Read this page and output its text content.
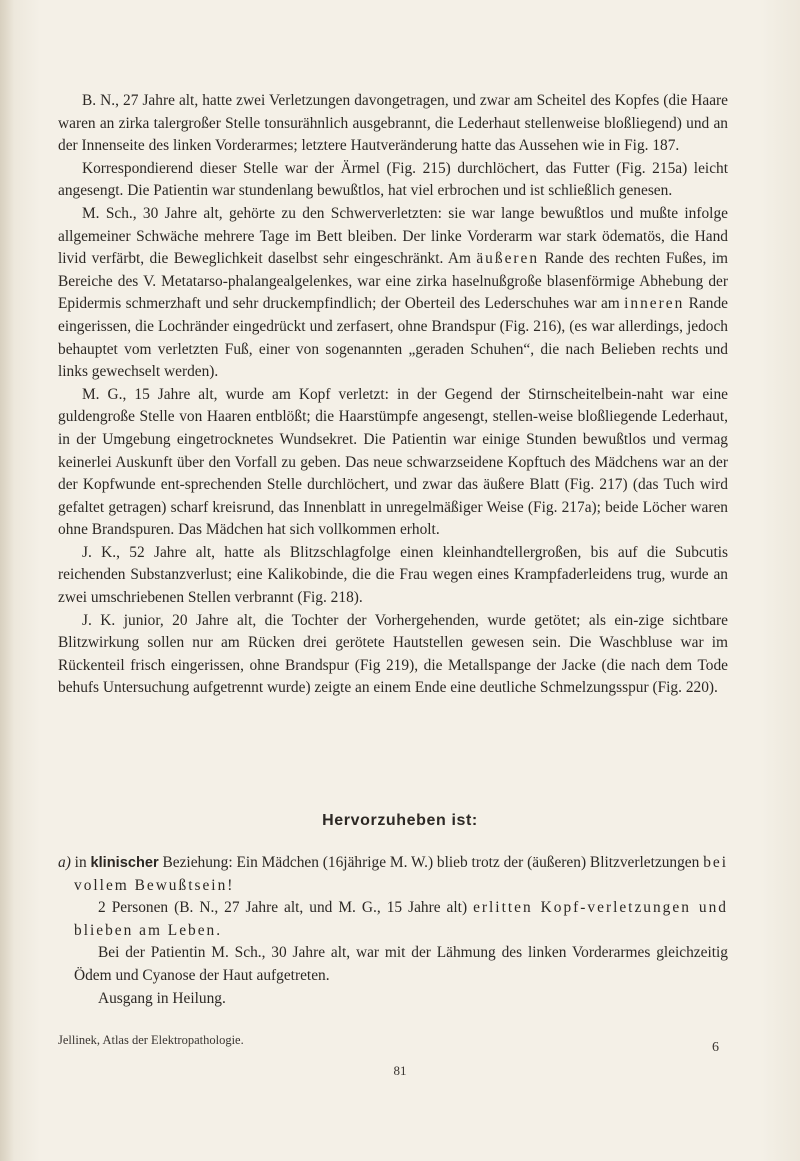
B. N., 27 Jahre alt, hatte zwei Verletzungen davongetragen, und zwar am Scheitel des Kopfes (die Haare waren an zirka talergroßer Stelle tonsurähnlich ausgebrannt, die Lederhaut stellenweise bloßliegend) und an der Innenseite des linken Vorderarmes; letztere Hautveränderung hatte das Aussehen wie in Fig. 187.

Korrespondierend dieser Stelle war der Ärmel (Fig. 215) durchlöchert, das Futter (Fig. 215a) leicht angesengt. Die Patientin war stundenlang bewußtlos, hat viel erbrochen und ist schließlich genesen.

M. Sch., 30 Jahre alt, gehörte zu den Schwerverletzten: sie war lange bewußtlos und mußte infolge allgemeiner Schwäche mehrere Tage im Bett bleiben. Der linke Vorderarm war stark ödematös, die Hand livid verfärbt, die Beweglichkeit daselbst sehr eingeschränkt. Am äußeren Rande des rechten Fußes, im Bereiche des V. Metatarso-phalangealgelenkes, war eine zirka haselnußgroße blasenförmige Abhebung der Epidermis schmerzhaft und sehr druckempfindlich; der Oberteil des Lederschuhes war am inneren Rande eingerissen, die Lochränder eingedrückt und zerfasert, ohne Brandspur (Fig. 216), (es war allerdings, jedoch behauptet vom verletzten Fuß, einer von sogenannten „geraden Schuhen“, die nach Belieben rechts und links gewechselt werden).

M. G., 15 Jahre alt, wurde am Kopf verletzt: in der Gegend der Stirnscheitelbein-naht war eine guldengroße Stelle von Haaren entblößt; die Haarstümpfe angesengt, stellen-weise bloßliegende Lederhaut, in der Umgebung eingetrocknetes Wundsekret. Die Patientin war einige Stunden bewußtlos und vermag keinerlei Auskunft über den Vorfall zu geben. Das neue schwarzseidene Kopftuch des Mädchens war an der der Kopfwunde ent-sprechenden Stelle durchlöchert, und zwar das äußere Blatt (Fig. 217) (das Tuch wird gefaltet getragen) scharf kreisrund, das Innenblatt in unregelmäßiger Weise (Fig. 217a); beide Löcher waren ohne Brandspuren. Das Mädchen hat sich vollkommen erholt.

J. K., 52 Jahre alt, hatte als Blitzschlagfolge einen kleinhandtellergroßen, bis auf die Subcutis reichenden Substanzverlust; eine Kalikobinde, die die Frau wegen eines Krampfaderleidens trug, wurde an zwei umschriebenen Stellen verbrannt (Fig. 218).

J. K. junior, 20 Jahre alt, die Tochter der Vorhergehenden, wurde getötet; als ein-zige sichtbare Blitzwirkung sollen nur am Rücken drei gerötete Hautstellen gewesen sein. Die Waschbluse war im Rückenteil frisch eingerissen, ohne Brandspur (Fig 219), die Metallspange der Jacke (die nach dem Tode behufs Untersuchung aufgetrennt wurde) zeigte an einem Ende eine deutliche Schmelzungsspur (Fig. 220).

Hervorzuheben ist:

a) in klinischer Beziehung: Ein Mädchen (16jährige M. W.) blieb trotz der (äußeren) Blitzverletzungen bei vollem Bewußtsein!

2 Personen (B. N., 27 Jahre alt, und M. G., 15 Jahre alt) erlitten Kopf-verletzungen und blieben am Leben.

Bei der Patientin M. Sch., 30 Jahre alt, war mit der Lähmung des linken Vorderarmes gleichzeitig Ödem und Cyanose der Haut aufgetreten.

Ausgang in Heilung.

Jellinek, Atlas der Elektropathologie.	6
81
